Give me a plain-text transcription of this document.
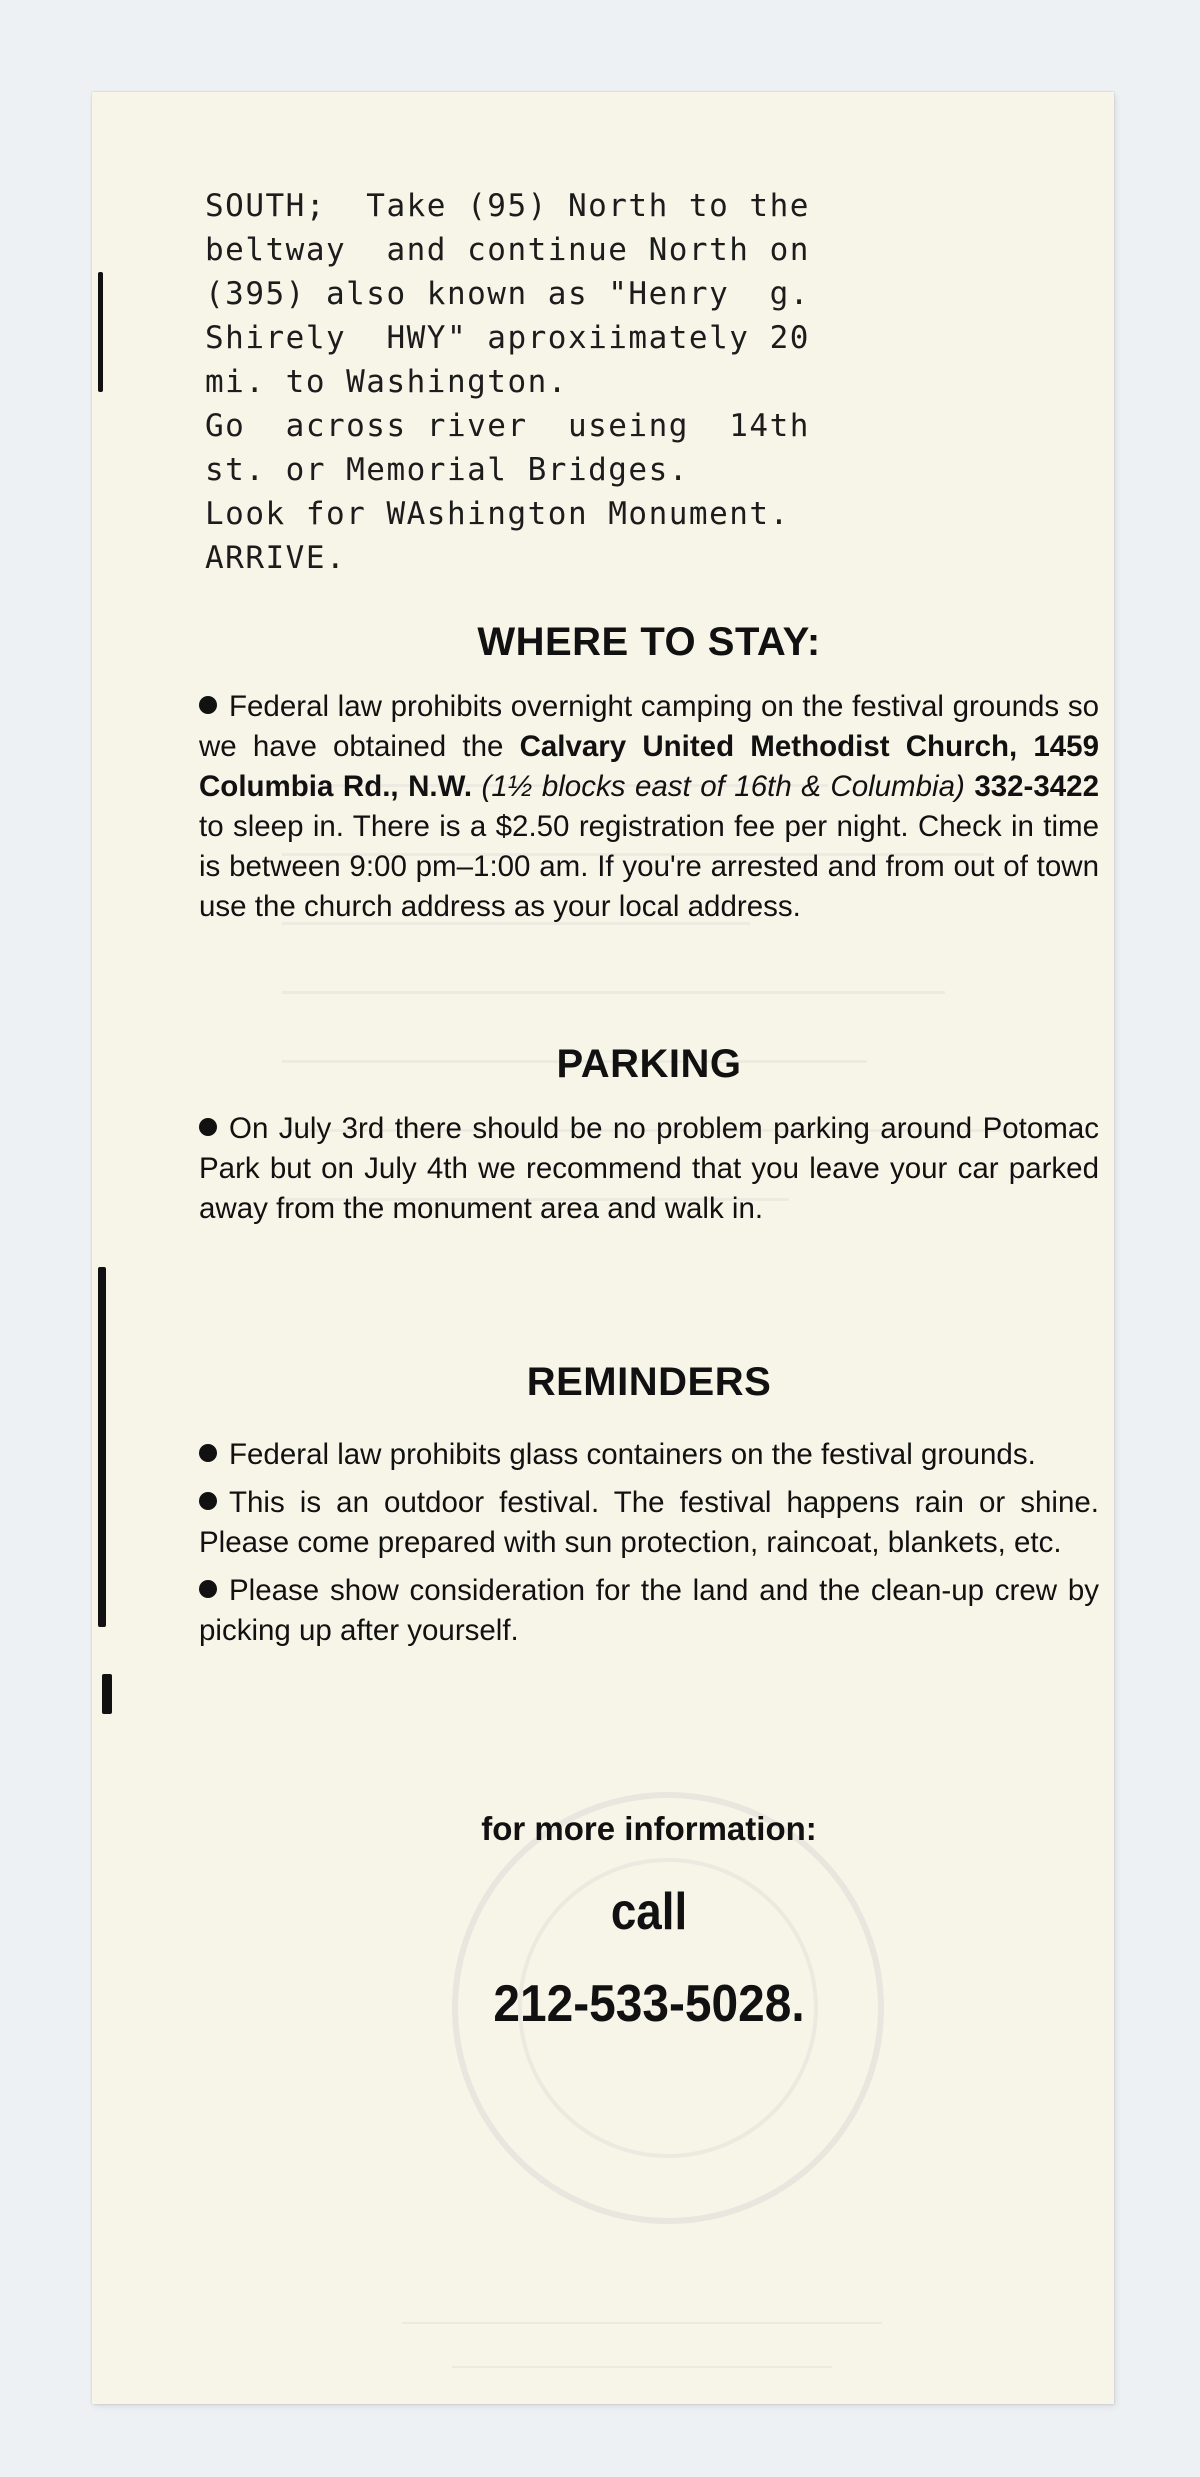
SOUTH;  Take (95) North to the
beltway  and continue North on
(395) also known as "Henry  g.
Shirely  HWY" aproxiimately 20
mi. to Washington.
Go  across river  useing  14th
st. or Memorial Bridges.
Look for WAshington Monument.
ARRIVE.
WHERE TO STAY:

Federal law prohibits overnight camping on the festival grounds so we have obtained the Calvary United Methodist Church, 1459 Columbia Rd., N.W. (1½ blocks east of 16th & Columbia) 332-3422 to sleep in. There is a $2.50 registration fee per night. Check in time is between 9:00 pm–1:00 am. If you're arrested and from out of town use the church address as your local address.

PARKING

On July 3rd there should be no problem parking around Potomac Park but on July 4th we recommend that you leave your car parked away from the monument area and walk in.

REMINDERS

Federal law prohibits glass containers on the festival grounds.

This is an outdoor festival. The festival happens rain or shine. Please come prepared with sun protection, raincoat, blankets, etc.

Please show consideration for the land and the clean-up crew by picking up after yourself.

for more information:
call
212-533-5028.
